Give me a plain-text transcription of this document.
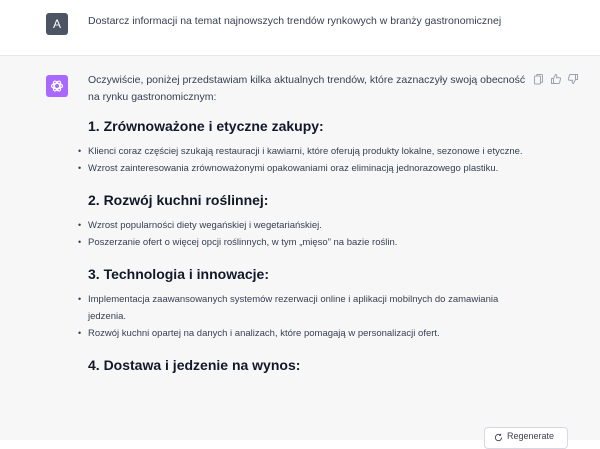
A	Dostarcz informacji na temat najnowszych trendów rynkowych w branży gastronomicznej

Oczywiście, poniżej przedstawiam kilka aktualnych trendów, które zaznaczyły swoją obecność na rynku gastronomicznym:

1. Zrównoważone i etyczne zakupy:
• Klienci coraz częściej szukają restauracji i kawiarni, które oferują produkty lokalne, sezonowe i etyczne.
• Wzrost zainteresowania zrównoważonymi opakowaniami oraz eliminacją jednorazowego plastiku.
2. Rozwój kuchni roślinnej:
• Wzrost popularności diety wegańskiej i wegetariańskiej.
• Poszerzanie ofert o więcej opcji roślinnych, w tym „mięso” na bazie roślin.
3. Technologia i innowacje:
• Implementacja zaawansowanych systemów rezerwacji online i aplikacji mobilnych do zamawiania jedzenia.
• Rozwój kuchni opartej na danych i analizach, które pomagają w personalizacji ofert.
4. Dostawa i jedzenie na wynos:
Regenerate
